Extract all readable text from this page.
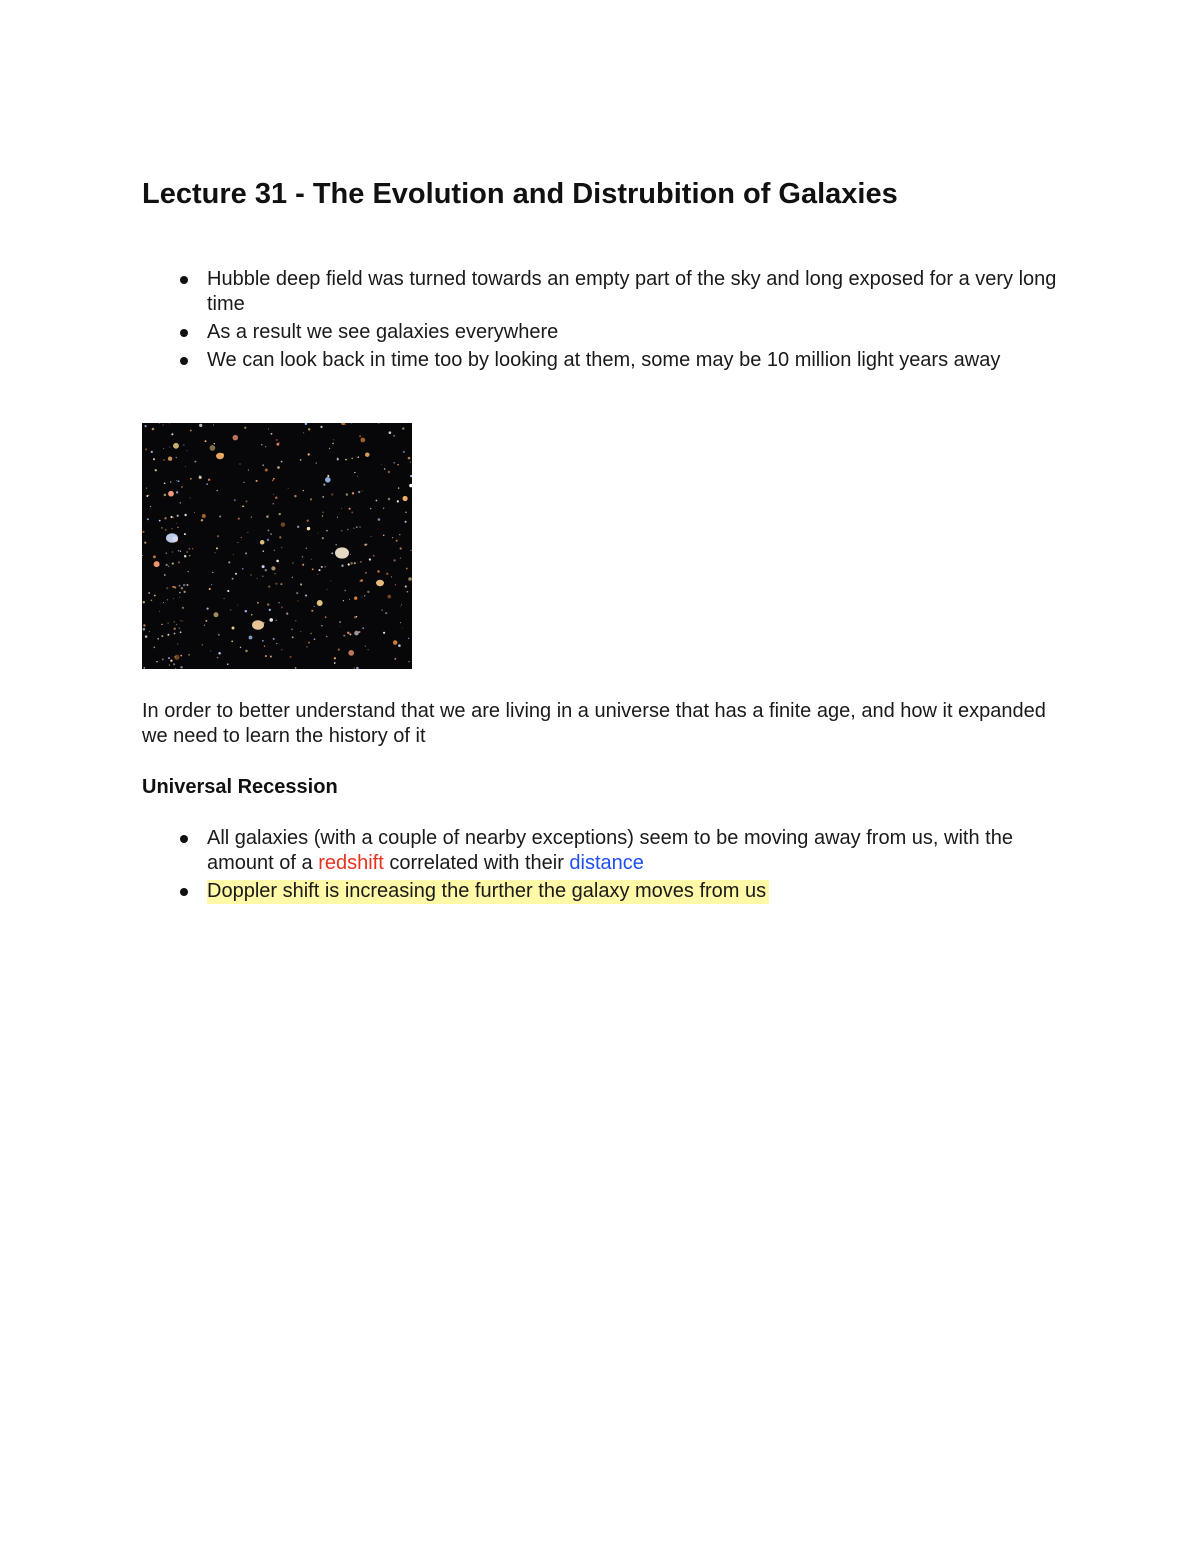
Lecture 31 - The Evolution and Distrubition of Galaxies
Hubble deep field was turned towards an empty part of the sky and long exposed for a very long time
As a result we see galaxies everywhere
We can look back in time too by looking at them, some may be 10 million light years away

In order to better understand that we are living in a universe that has a finite age, and how it expanded we need to learn the history of it

Universal Recession
All galaxies (with a couple of nearby exceptions) seem to be moving away from us, with the amount of a redshift correlated with their distance
Doppler shift is increasing the further the galaxy moves from us
